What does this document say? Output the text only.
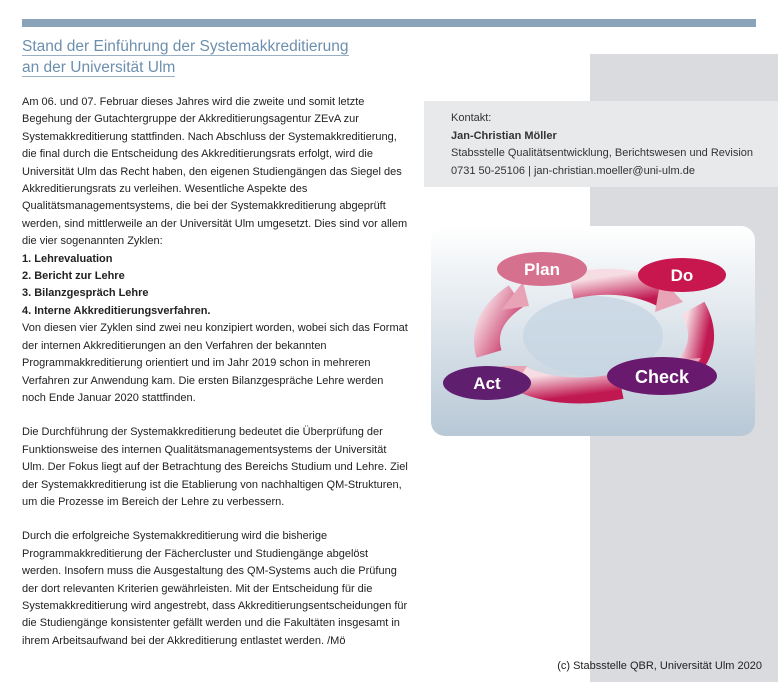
Stand der Einführung der Systemakkreditierung
an der Universität Ulm

Am 06. und 07. Februar dieses Jahres wird die zweite und somit letzte Begehung der Gutachtergruppe der Akkreditierungsagentur ZEvA zur Systemakkreditierung stattfinden. Nach Abschluss der Systemakkreditierung, die final durch die Entscheidung des Akkreditierungsrats erfolgt, wird die Universität Ulm das Recht haben, den eigenen Studiengängen das Siegel des Akkreditierungsrats zu verleihen. Wesentliche Aspekte des Qualitätsmanagementsystems, die bei der Systemakkreditierung abgeprüft werden, sind mittlerweile an der Universität Ulm umgesetzt. Dies sind vor allem die vier sogenannten Zyklen:

1. Lehrevaluation
2. Bericht zur Lehre
3. Bilanzgespräch Lehre
4. Interne Akkreditierungsverfahren.

Von diesen vier Zyklen sind zwei neu konzipiert worden, wobei sich das Format der internen Akkreditierungen an den Verfahren der bekannten Programmakkreditierung orientiert und im Jahr 2019 schon in mehreren Verfahren zur Anwendung kam. Die ersten Bilanzgespräche Lehre werden noch Ende Januar 2020 stattfinden.

Die Durchführung der Systemakkreditierung bedeutet die Überprüfung der Funktionsweise des internen Qualitätsmanagementsystems der Universität Ulm. Der Fokus liegt auf der Betrachtung des Bereichs Studium und Lehre. Ziel der Systemakkreditierung ist die Etablierung von nachhaltigen QM-Strukturen, um die Prozesse im Bereich der Lehre zu verbessern.

Durch die erfolgreiche Systemakkreditierung wird die bisherige Programmakkreditierung der Fächercluster und Studiengänge abgelöst werden. Insofern muss die Ausgestaltung des QM-Systems auch die Prüfung der dort relevanten Kriterien gewährleisten. Mit der Entscheidung für die Systemakkreditierung wird angestrebt, dass Akkreditierungsentscheidungen für die Studiengänge konsistenter gefällt werden und die Fakultäten insgesamt in ihrem Arbeitsaufwand bei der Akkreditierung entlastet werden. /Mö

Kontakt:
Jan-Christian Möller
Stabsstelle Qualitätsentwicklung, Berichtswesen und Revision
0731 50-25106 | jan-christian.moeller@uni-ulm.de
Plan	Do
Check
Act
(c) Stabsstelle QBR, Universität Ulm 2020
